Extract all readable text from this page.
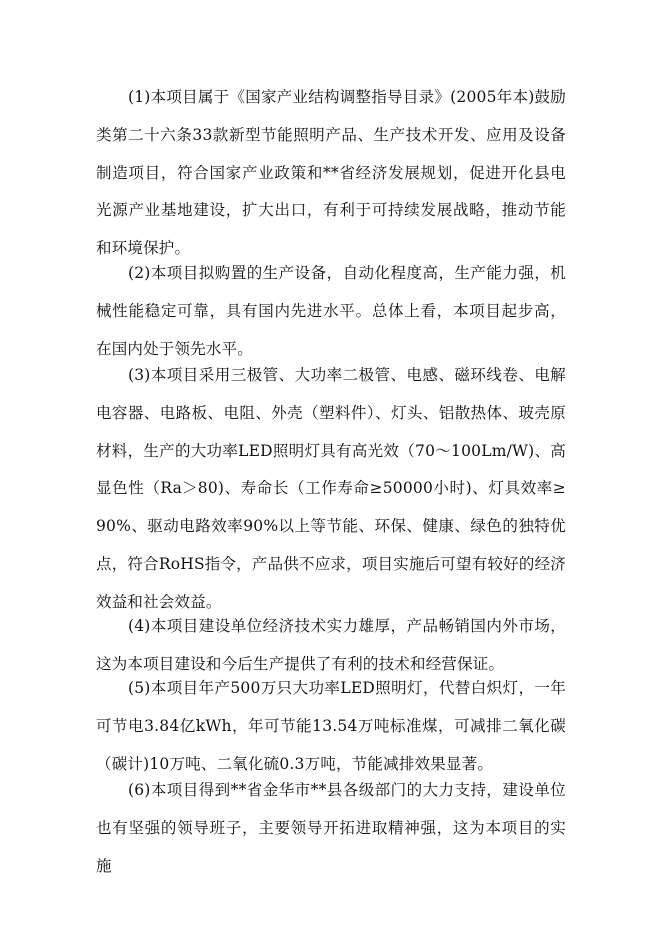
(1)本项目属于《国家产业结构调整指导目录》(2005年本)鼓励类第二十六条33款新型节能照明产品、生产技术开发、应用及设备制造项目，符合国家产业政策和**省经济发展规划，促进开化县电光源产业基地建设，扩大出口，有利于可持续发展战略，推动节能和环境保护。

(2)本项目拟购置的生产设备，自动化程度高，生产能力强，机械性能稳定可靠，具有国内先进水平。总体上看，本项目起步高，在国内处于领先水平。

(3)本项目采用三极管、大功率二极管、电感、磁环线卷、电解电容器、电路板、电阻、外壳（塑料件）、灯头、铝散热体、玻壳原材料，生产的大功率LED照明灯具有高光效（70～100Lm/W)、高显色性（Ra＞80)、寿命长（工作寿命≥50000小时)、灯具效率≥90%、驱动电路效率90%以上等节能、环保、健康、绿色的独特优点，符合RoHS指令，产品供不应求，项目实施后可望有较好的经济效益和社会效益。

(4)本项目建设单位经济技术实力雄厚，产品畅销国内外市场，这为本项目建设和今后生产提供了有利的技术和经营保证。

(5)本项目年产500万只大功率LED照明灯，代替白炽灯，一年可节电3.84亿kWh，年可节能13.54万吨标准煤，可减排二氧化碳（碳计)10万吨、二氧化硫0.3万吨，节能减排效果显著。

(6)本项目得到**省金华市**县各级部门的大力支持，建设单位也有坚强的领导班子，主要领导开拓进取精神强，这为本项目的实施
